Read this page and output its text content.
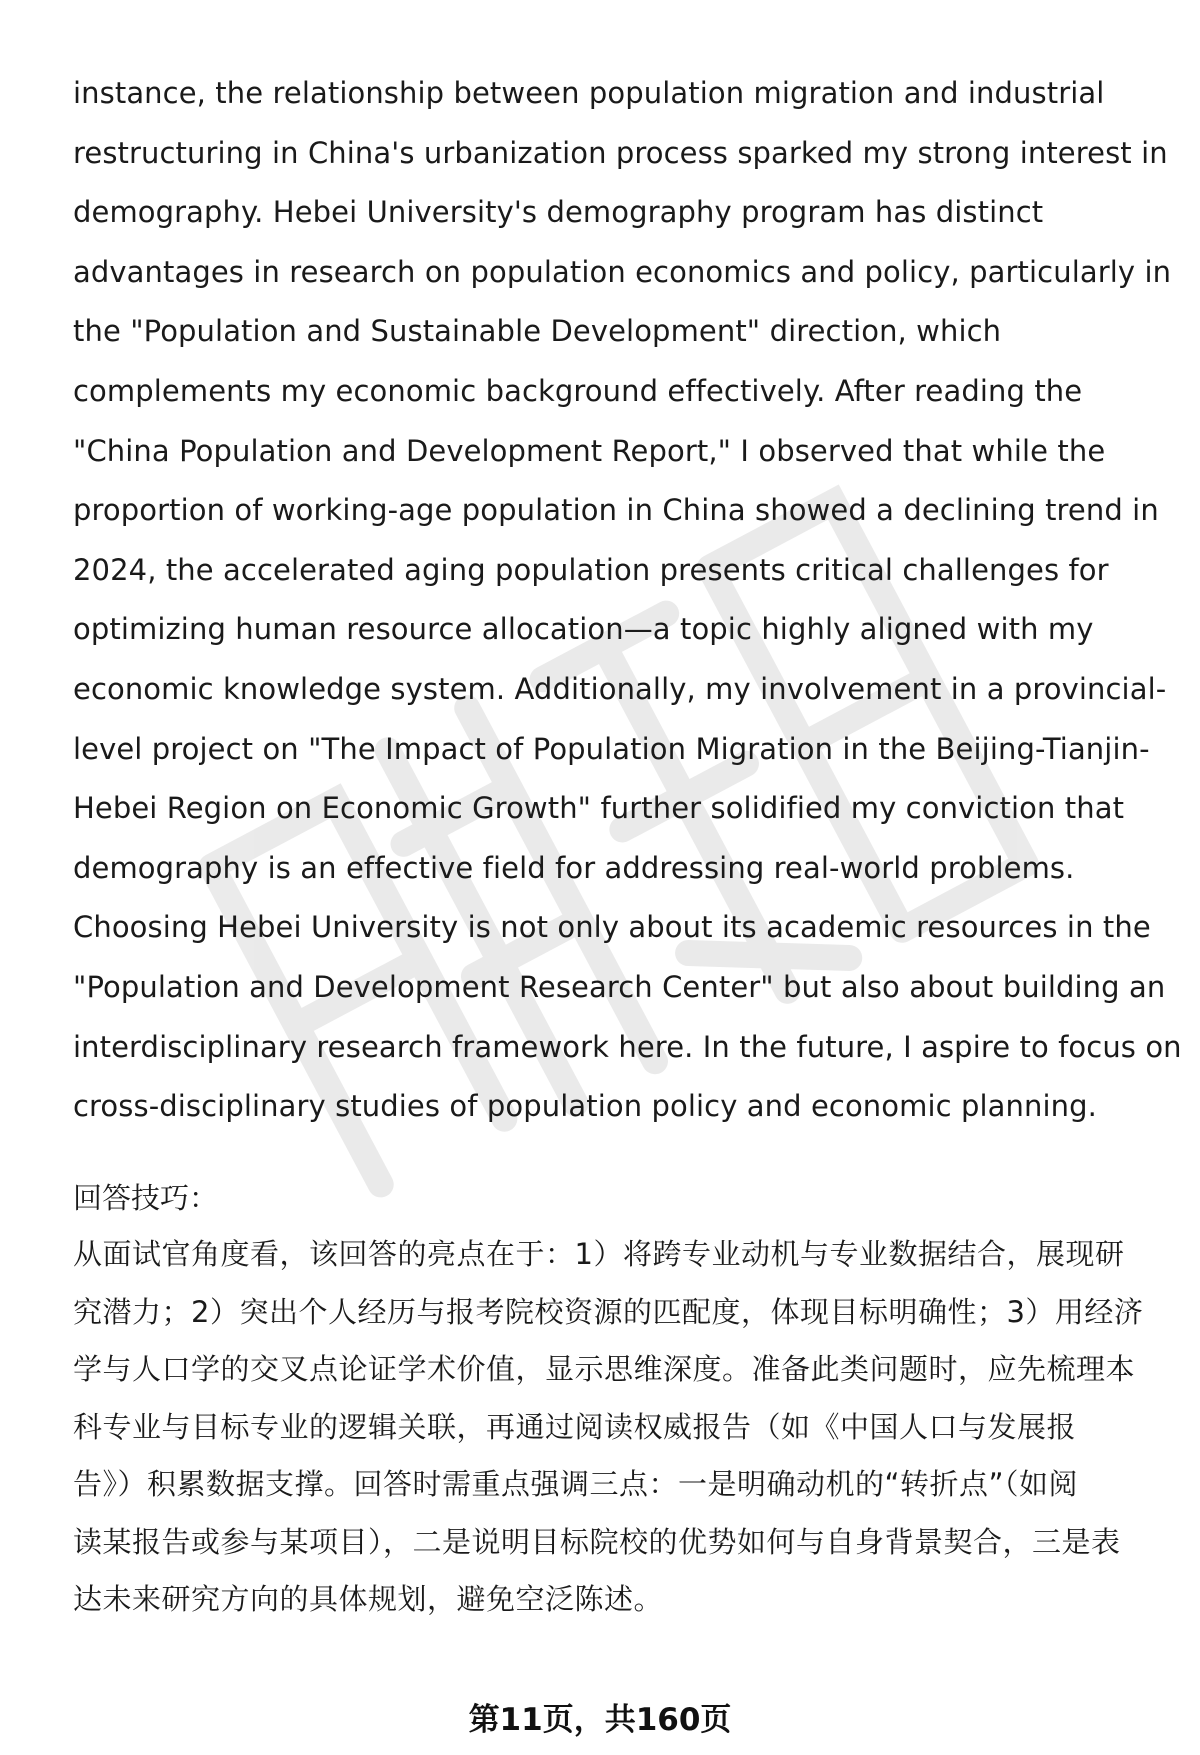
instance, the relationship between population migration and industrial
restructuring in China's urbanization process sparked my strong interest in
demography. Hebei University's demography program has distinct
advantages in research on population economics and policy, particularly in
the "Population and Sustainable Development" direction, which
complements my economic background effectively. After reading the
"China Population and Development Report," I observed that while the
proportion of working-age population in China showed a declining trend in
2024, the accelerated aging population presents critical challenges for
optimizing human resource allocation—a topic highly aligned with my
economic knowledge system. Additionally, my involvement in a provincial-
level project on "The Impact of Population Migration in the Beijing-Tianjin-
Hebei Region on Economic Growth" further solidified my conviction that
demography is an effective field for addressing real-world problems.
Choosing Hebei University is not only about its academic resources in the
"Population and Development Research Center" but also about building an
interdisciplinary research framework here. In the future, I aspire to focus on
cross-disciplinary studies of population policy and economic planning.
回答技巧：
从面试官角度看，该回答的亮点在于：1）将跨专业动机与专业数据结合，展现研
究潜力；2）突出个人经历与报考院校资源的匹配度，体现目标明确性；3）用经济
学与人口学的交叉点论证学术价值，显示思维深度。准备此类问题时，应先梳理本
科专业与目标专业的逻辑关联，再通过阅读权威报告（如《中国人口与发展报
告》）积累数据支撑。回答时需重点强调三点：一是明确动机的“转折点”（如阅
读某报告或参与某项目），二是说明目标院校的优势如何与自身背景契合，三是表
达未来研究方向的具体规划，避免空泛陈述。
第11页，共160页
